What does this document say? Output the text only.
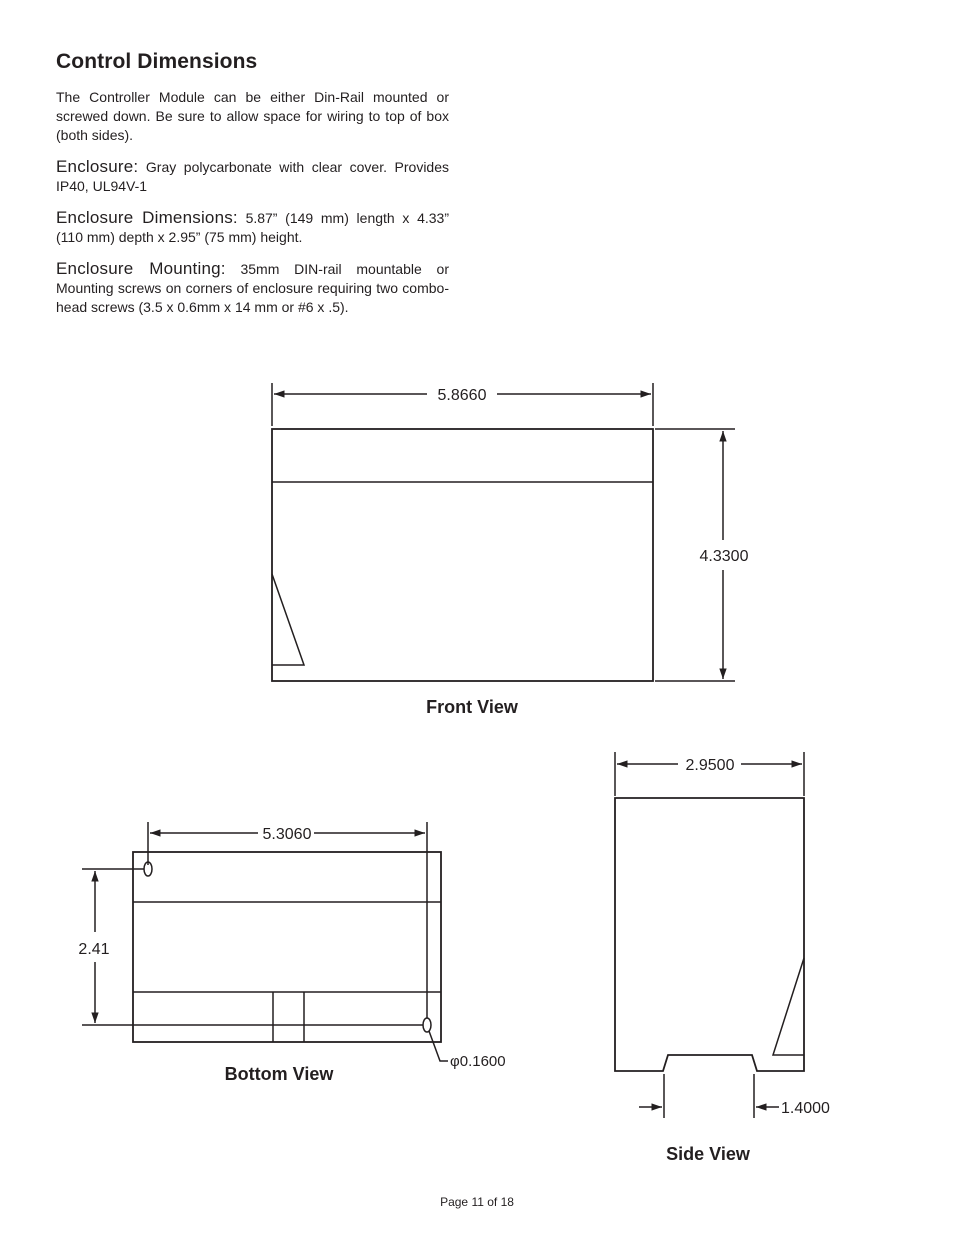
Control Dimensions

The Controller Module can be either Din-Rail mounted or screwed down. Be sure to allow space for wiring to top of box (both sides).

Enclosure: Gray polycarbonate with clear cover. Provides IP40, UL94V-1

Enclosure Dimensions: 5.87” (149 mm) length x 4.33” (110 mm) depth x 2.95” (75 mm) height.

Enclosure Mounting: 35mm DIN-rail mountable or Mounting screws on corners of enclosure requiring two combo-head screws (3.5 x 0.6mm x 14 mm or #6 x .5).

5.8660
4.3300
Front View
5.3060
2.41
φ0.1600
Bottom View
2.9500
1.4000
Side View
Page 11 of 18
